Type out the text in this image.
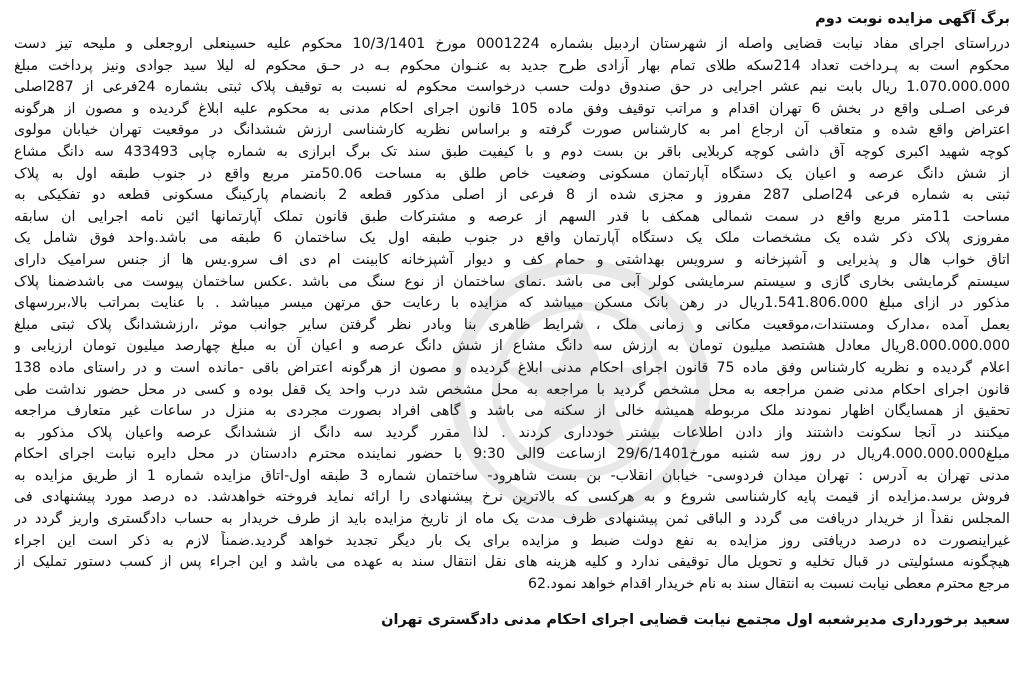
برگ آگهی مزایده نوبت دوم
درراستای اجرای مفاد نیابت قضایی واصله از شهرستان اردبیل بشماره 0001224 مورخ 10/3/1401 محکوم علیه حسینعلی اروجعلی و ملیحه تیز دست
محکوم است به پـرداخت تعداد 214سکه طلای تمام بهار آزادی طرح جدید به عنـوان محکوم بـه در حـق محکوم له لیلا سید جوادی ونیز پرداخت مبلغ
1.070.000.000 ریال بابت نیم عشر اجرایی در حق صندوق دولت حسب درخواست محکوم له نسبت به توقیف پلاک ثبتی بشماره 24فرعی از 287اصلی
فرعی اصـلی واقع در بخش 6 تهران اقدام و مراتب توقیف وفق ماده 105 قانون اجرای احکام مدنی به محکوم علیه ابلاغ گردیده و مصون از هرگونه
اعتراض واقع شده و متعاقب آن ارجاع امر به کارشناس صورت گرفته و براساس نظریه کارشناسی ارزش ششدانگ در موقعیت تهران خیابان مولوی
کوچه شهید اکبری کوچه آق داشی کوچه کربلایی باقر بن بست دوم و با کیفیت طبق سند تک برگ ابرازی به شماره چاپی 433493 سه دانگ مشاع
از شش دانگ عرصه و اعیان یک دستگاه آپارتمان مسکونی وضعیت خاص طلق به مساحت 50.06متر مربع واقع در جنوب طبقه اول به پلاک
ثبتی به شماره فرعی 24اصلی 287 مفروز و مجزی شده از 8 فرعی از اصلی مذکور قطعه 2 بانضمام پارکینگ مسکونی قطعه دو تفکیکی به
مساحت 11متر مربع واقع در سمت شمالی همکف با قدر السهم از عرصه و مشترکات طبق قانون تملک آپارتمانها ائین نامه اجرایی ان سابقه
مفروزی پلاک ذکر شده یک مشخصات ملک یک دستگاه آپارتمان واقع در جنوب طبقه اول یک ساختمان 6 طبقه می باشد.واحد فوق شامل یک
اتاق خواب هال و پذیرایی و آشپزخانه و سرویس بهداشتی و حمام کف و دیوار آشپزخانه کابینت ام دی اف سرو.یس ها از جنس سرامیک دارای
سیستم گرمایشی بخاری گازی و سیستم سرمایشی کولر آبی می باشد .نمای ساختمان از نوع سنگ می باشد .عکس ساختمان پیوست می باشدضمنا پلاک
مذکور در ازای مبلغ 1.541.806.000ریال در رهن بانک مسکن میباشد که مزایده با رعایت حق مرتهن میسر میباشد . با عنایت بمراتب بالا،بررسهای
بعمل آمده ،مدارک ومستندات،موقعیت مکانی و زمانی ملک ، شرایط ظاهری بنا وبادر نظر گرفتن سایر جوانب موثر ،ارزششدانگ پلاک ثبتی مبلغ
8.000.000.000ریال معادل هشتصد میلیون تومان به ارزش سه دانگ مشاع از شش دانگ عرصه و اعیان آن به مبلغ چهارصد میلیون تومان ارزیابی و
اعلام گردیده و نظریه کارشناس وفق ماده 75 قانون اجرای احکام مدنی ابلاغ گردیده و مصون از هرگونه اعتراض باقی -مانده است و در راستای ماده 138
قانون اجرای احکام مدنی ضمن مراجعه به محل مشخص گردید با مراجعه به محل مشخص شد درب واحد یک قفل بوده و کسی در محل حضور نداشت طی
تحقیق از همسایگان اظهار نمودند ملک مربوطه همیشه خالی از سکنه می باشد و گاهی افراد بصورت مجردی به منزل در ساعات غیر متعارف مراجعه
میکنند در آنجا سکونت داشتند واز دادن اطلاعات بیشتر خودداری کردند . لذا مقرر گردید سه دانگ از ششدانگ عرصه واعیان پلاک مذکور به
مبلغ4.000.000.000ریال در روز سه شنبه مورخ29/6/1401 ازساعت 9الی 9:30 با حضور نماینده محترم دادستان در محل دایره نیابت اجرای احکام
مدنی تهران به آدرس : تهران میدان فردوسی- خیابان انقلاب- بن بست شاهرود- ساختمان شماره 3 طبقه اول-اتاق مزایده شماره 1 از طریق مزایده به
فروش برسد.مزایده از قیمت پایه کارشناسی شروع و به هرکسی که بالاترین نرخ پیشنهادی را ارائه نماید فروخته خواهدشد. ده درصد مورد پیشنهادی فی
المجلس نقداً از خریدار دریافت می گردد و الباقی ثمن پیشنهادی ظرف مدت یک ماه از تاریخ مزایده باید از طرف خریدار به حساب دادگستری واریز گردد در
غیراینصورت ده درصد دریافتی روز مزایده به نفع دولت ضبط و مزایده برای یک بار دیگر تجدید خواهد گردید.ضمناً لازم به ذکر است این اجراء
هیچگونه مسئولیتی در قبال تخلیه و تحویل مال توقیفی ندارد و کلیه هزینه های نقل انتقال سند به عهده می باشد و این اجراء پس از کسب دستور تملیک از
مرجع محترم معطی نیابت نسبت به انتقال سند به نام خریدار اقدام خواهد نمود.62
سعید برخورداری مدیرشعبه اول مجتمع نیابت قضایی اجرای احکام مدنی دادگستری تهران
